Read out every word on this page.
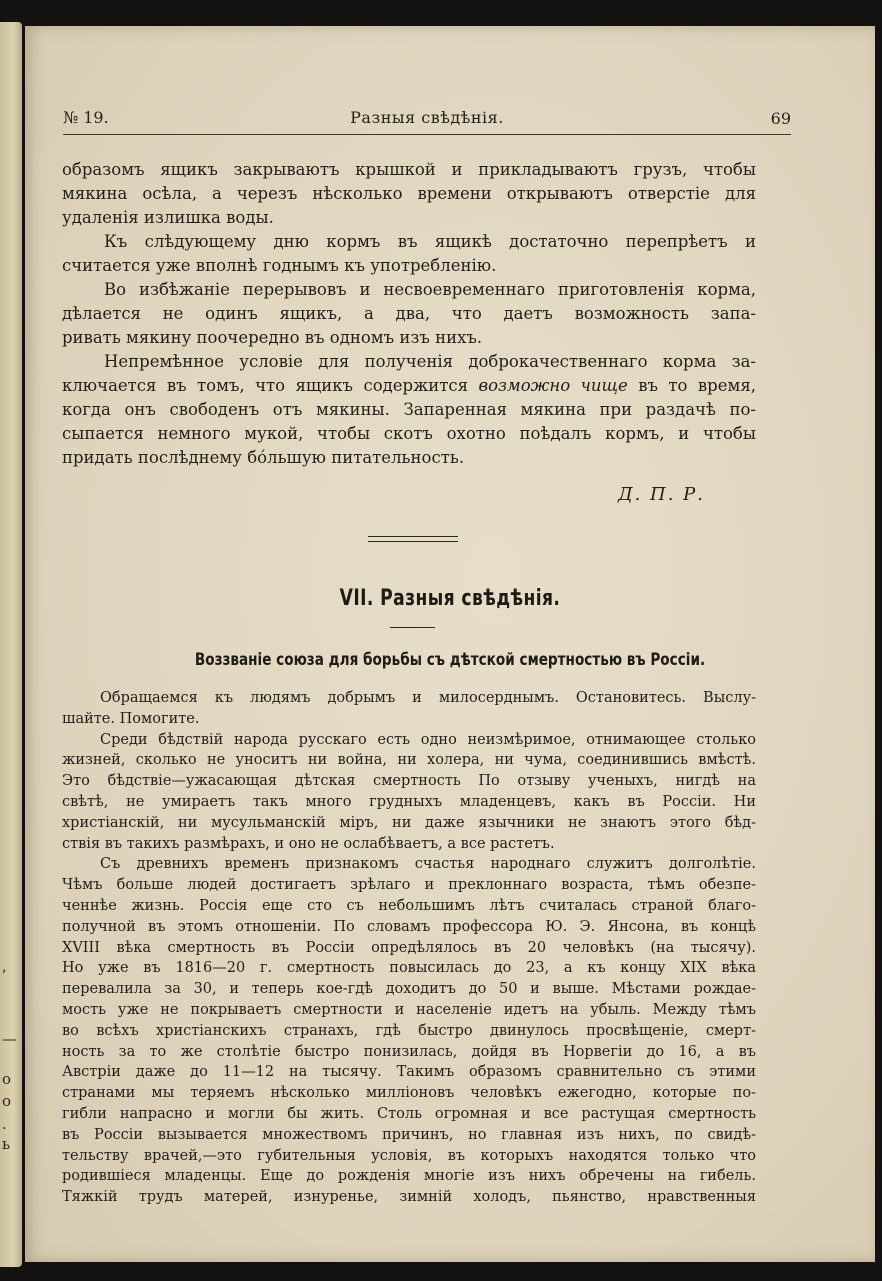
,
—
о
о
.
ь
№ 19.	Разныя свѣдѣнія.	69
образомъ ящикъ закрываютъ крышкой и прикладываютъ грузъ, чтобы
мякина осѣла, а черезъ нѣсколько времени открываютъ отверстіе для
удаленія излишка воды.
Къ слѣдующему дню кормъ въ ящикѣ достаточно перепрѣетъ и
считается уже вполнѣ годнымъ къ употребленію.
Во избѣжаніе перерывовъ и несвоевременнаго приготовленія корма,
дѣлается не одинъ ящикъ, а два, что даетъ возможность запа-
ривать мякину поочередно въ одномъ изъ нихъ.
Непремѣнное условіе для полученія доброкачественнаго корма за-
ключается въ томъ, что ящикъ содержится возможно чище въ то время,
когда онъ свободенъ отъ мякины. Запаренная мякина при раздачѣ по-
сыпается немного мукой, чтобы скотъ охотно поѣдалъ кормъ, и чтобы
придать послѣднему бо́льшую питательность.
Д. П. Р.
VII. Разныя свѣдѣнія.
Воззваніе союза для борьбы съ дѣтской смертностью въ Россіи.
Обращаемся къ людямъ добрымъ и милосерднымъ. Остановитесь. Выслу-
шайте. Помогите.
Среди бѣдствій народа русскаго есть одно неизмѣримое, отнимающее столько
жизней, сколько не уноситъ ни война, ни холера, ни чума, соединившись вмѣстѣ.
Это бѣдствіе—ужасающая дѣтская смертность По отзыву ученыхъ, нигдѣ на
свѣтѣ, не умираетъ такъ много грудныхъ младенцевъ, какъ въ Россіи. Ни
христіанскій, ни мусульманскій міръ, ни даже язычники не знаютъ этого бѣд-
ствія въ такихъ размѣрахъ, и оно не ослабѣваетъ, а все растетъ.
Съ древнихъ временъ признакомъ счастья народнаго служитъ долголѣтіе.
Чѣмъ больше людей достигаетъ зрѣлаго и преклоннаго возраста, тѣмъ обезпе-
ченнѣе жизнь. Россія еще сто съ небольшимъ лѣтъ считалась страной благо-
получной въ этомъ отношеніи. По словамъ профессора Ю. Э. Янсона, въ концѣ
XVIII вѣка смертность въ Россіи опредѣлялось въ 20 человѣкъ (на тысячу).
Но уже въ 1816—20 г. смертность повысилась до 23, а къ концу XIX вѣка
перевалила за 30, и теперь кое-гдѣ доходитъ до 50 и выше. Мѣстами рождае-
мость уже не покрываетъ смертности и населеніе идетъ на убыль. Между тѣмъ
во всѣхъ христіанскихъ странахъ, гдѣ быстро двинулось просвѣщеніе, смерт-
ность за то же столѣтіе быстро понизилась, дойдя въ Норвегіи до 16, а въ
Австріи даже до 11—12 на тысячу. Такимъ образомъ сравнительно съ этими
странами мы теряемъ нѣсколько милліоновъ человѣкъ ежегодно, которые по-
гибли напрасно и могли бы жить. Столь огромная и все растущая смертность
въ Россіи вызывается множествомъ причинъ, но главная изъ нихъ, по свидѣ-
тельству врачей,—это губительныя условія, въ которыхъ находятся только что
родившіеся младенцы. Еще до рожденія многіе изъ нихъ обречены на гибель.
Тяжкій трудъ матерей, изнуренье, зимній холодъ, пьянство, нравственныя
